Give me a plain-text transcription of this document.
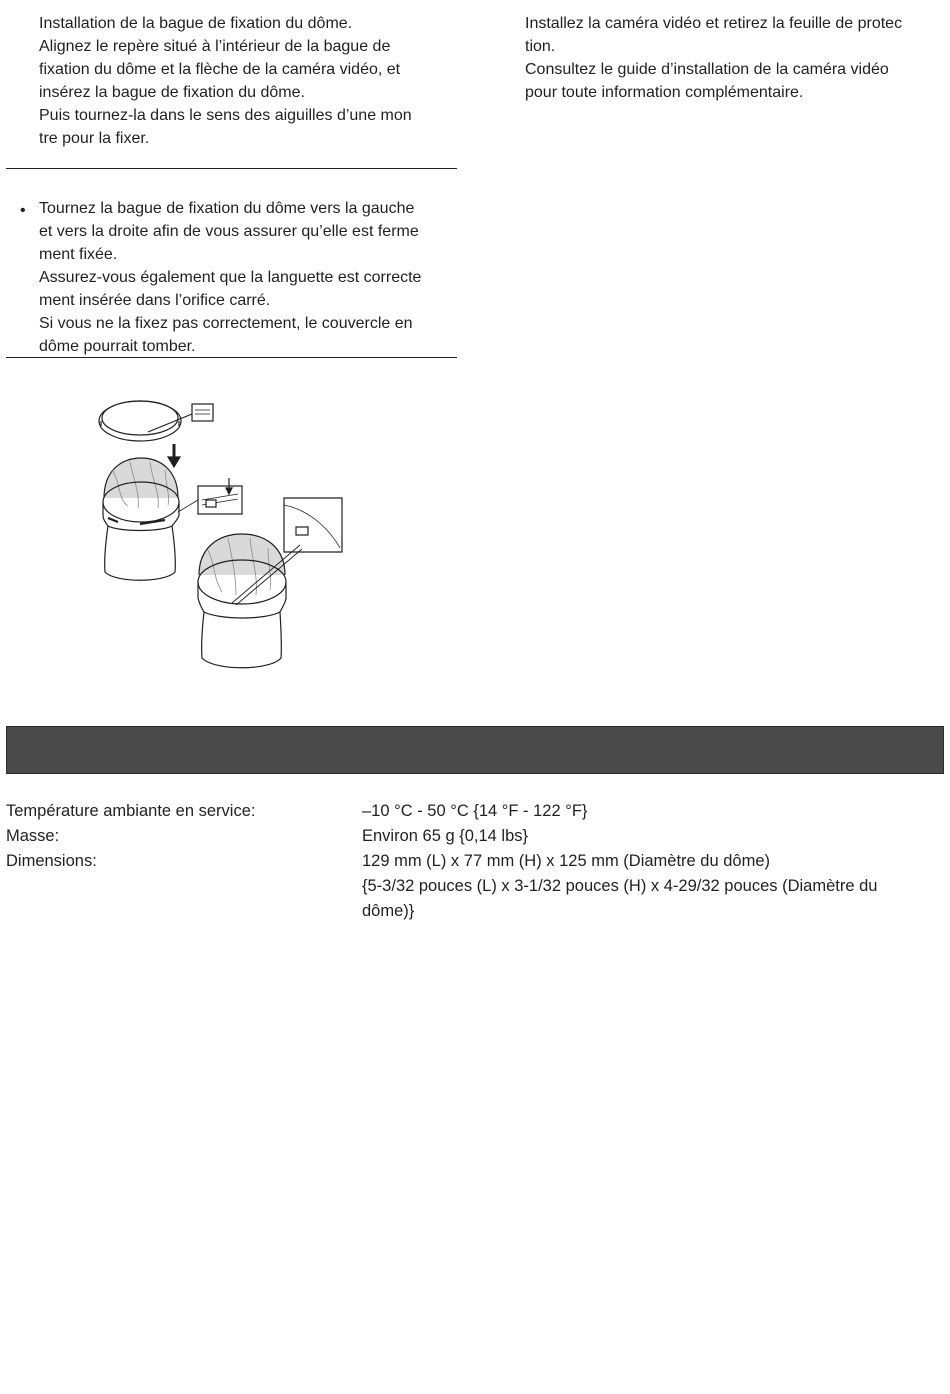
Installation de la bague de fixation du dôme.
Alignez le repère situé à l’intérieur de la bague de
fixation du dôme et la flèche de la caméra vidéo, et
insérez la bague de fixation du dôme.
Puis tournez-la dans le sens des aiguilles d’une mon
tre pour la fixer.
• Tournez la bague de fixation du dôme vers la gauche
et vers la droite afin de vous assurer qu’elle est ferme
ment fixée.
Assurez-vous également que la languette est correcte
ment insérée dans l’orifice carré.
Si vous ne la fixez pas correctement, le couvercle en
dôme pourrait tomber.
Installez la caméra vidéo et retirez la feuille de protec
tion.
Consultez le guide d’installation de la caméra vidéo
pour toute information complémentaire.
Température ambiante en service:	–10 °C - 50 °C {14 °F - 122 °F}
Masse:	Environ 65 g {0,14 lbs}
Dimensions:	129 mm (L) x 77 mm (H) x 125 mm (Diamètre du dôme)
{5-3/32 pouces (L) x 3-1/32 pouces (H) x 4-29/32 pouces (Diamètre du
dôme)}
